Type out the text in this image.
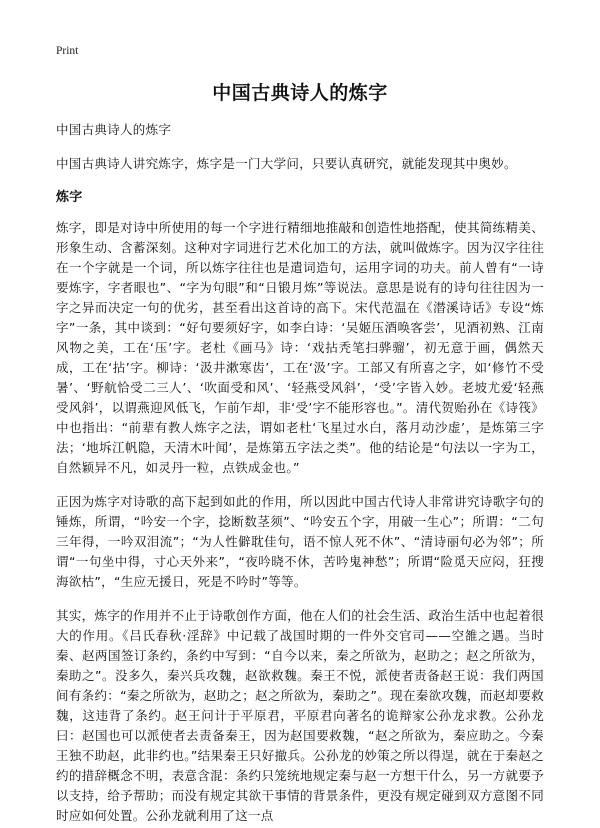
Print
中国古典诗人的炼字

中国古典诗人的炼字

中国古典诗人讲究炼字，炼字是一门大学问，只要认真研究，就能发现其中奥妙。

炼字

炼字，即是对诗中所使用的每一个字进行精细地推敲和创造性地搭配，使其简练精美、形象生动、含蓄深刻。这种对字词进行艺术化加工的方法，就叫做炼字。因为汉字往往在一个字就是一个词，所以炼字往往也是遣词造句，运用字词的功夫。前人曾有“一诗要炼字，字者眼也”、“字为句眼”和“日锻月炼”等说法。意思是说有的诗句往往因为一字之异而决定一句的优劣，甚至看出这首诗的高下。宋代范温在《潜溪诗话》专设“炼字”一条，其中谈到：“好句要须好字，如李白诗：‘吴姬压酒唤客尝’，见酒初熟、江南风物之美，工在‘压’字。老杜《画马》诗：‘戏拈秃笔扫骅骝’，初无意于画，偶然天成，工在‘拈’字。柳诗：‘汲井漱寒齿’，工在‘汲’字。工部又有所喜之字，如‘修竹不受暑’、‘野航恰受二三人’、‘吹面受和风’、‘轻燕受风斜’，‘受’字皆入妙。老坡尤爱‘轻燕受风斜’，以谓燕迎风低飞，乍前乍却，非‘受’字不能形容也。”。清代贺贻孙在《诗筏》中也指出：“前辈有教人炼字之法，谓如老杜‘飞星过水白，落月动沙虚’，是炼第三字法；‘地坼江帆隐，天清木叶闻’，是炼第五字法之类”。他的结论是“句法以一字为工，自然颖异不凡，如灵丹一粒，点铁成金也。”

正因为炼字对诗歌的高下起到如此的作用，所以因此中国古代诗人非常讲究诗歌字句的锤炼，所谓，“吟安一个字，捻断数茎须”、“吟安五个字，用破一生心”；所谓：“二句三年得，一吟双泪流”；“为人性僻耽佳句，语不惊人死不休”、“清诗丽句必为邻”；所谓“一句坐中得，寸心天外来”，“夜吟晓不休，苦吟鬼神愁”；所谓“险觅天应闷，狂搜海欲枯”，“生应无援日，死是不吟时”等等。

其实，炼字的作用并不止于诗歌创作方面，他在人们的社会生活、政治生活中也起着很大的作用。《吕氏春秋·淫辞》中记载了战国时期的一件外交官司——空雒之遇。当时秦、赵两国签订条约，条约中写到：“自今以来，秦之所欲为，赵助之；赵之所欲为，秦助之”。没多久，秦兴兵攻魏，赵欲救魏。秦王不悦，派使者责备赵王说：我们两国间有条约：“秦之所欲为，赵助之；赵之所欲为，秦助之”。现在秦欲攻魏，而赵却要救魏，这违背了条约。赵王问计于平原君，平原君向著名的诡辩家公孙龙求教。公孙龙曰：赵国也可以派使者去责备秦王，因为赵国要救魏，“赵之所欲为，秦应助之。今秦王独不助赵，此非约也。”结果秦王只好撤兵。公孙龙的妙策之所以得逞，就在于秦赵之约的措辞概念不明，表意含混：条约只笼统地规定秦与赵一方想干什么，另一方就要予以支持，给予帮助；而没有规定其欲干事情的背景条件，更没有规定碰到双方意图不同时应如何处置。公孙龙就利用了这一点
